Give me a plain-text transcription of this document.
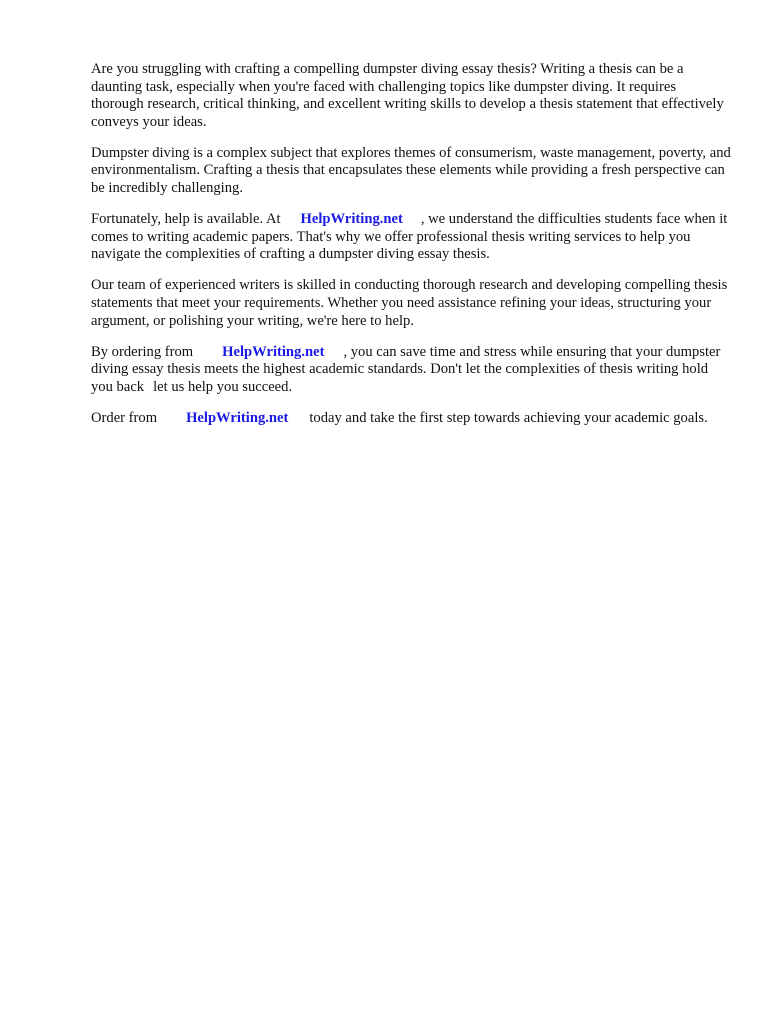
Are you struggling with crafting a compelling dumpster diving essay thesis? Writing a thesis can be a daunting task, especially when you're faced with challenging topics like dumpster diving. It requires thorough research, critical thinking, and excellent writing skills to develop a thesis statement that effectively conveys your ideas.

Dumpster diving is a complex subject that explores themes of consumerism, waste management, poverty, and environmentalism. Crafting a thesis that encapsulates these elements while providing a fresh perspective can be incredibly challenging.

Fortunately, help is available. At HelpWriting.net , we understand the difficulties students face when it comes to writing academic papers. That's why we offer professional thesis writing services to help you navigate the complexities of crafting a dumpster diving essay thesis.

Our team of experienced writers is skilled in conducting thorough research and developing compelling thesis statements that meet your requirements. Whether you need assistance refining your ideas, structuring your argument, or polishing your writing, we're here to help.

By ordering from HelpWriting.net , you can save time and stress while ensuring that your dumpster diving essay thesis meets the highest academic standards. Don't let the complexities of thesis writing hold you back let us help you succeed.

Order from HelpWriting.net today and take the first step towards achieving your academic goals.
